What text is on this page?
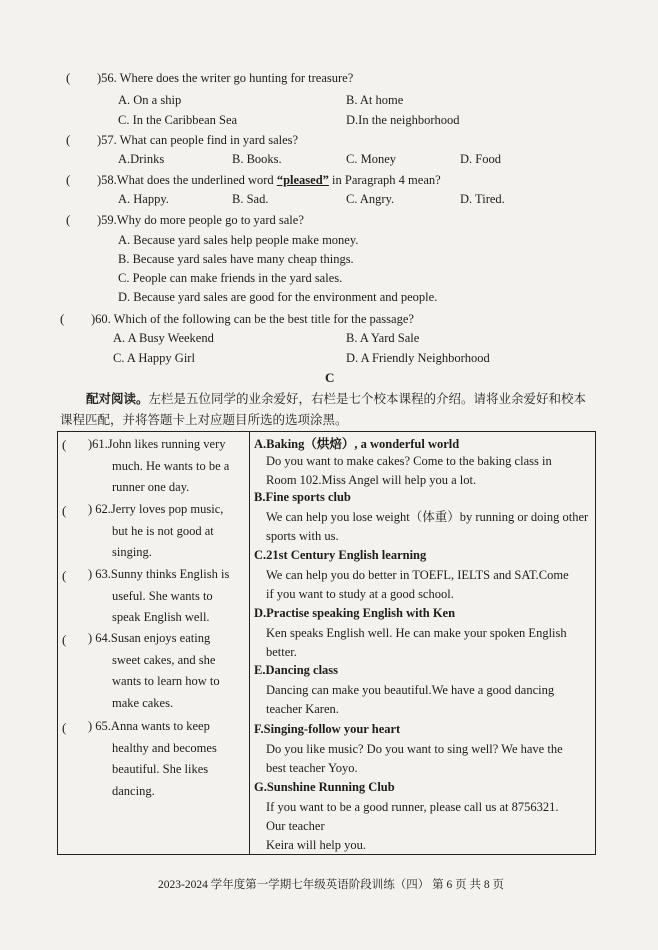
( )56. Where does the writer go hunting for treasure?
A. On a ship	B. At home
C. In the Caribbean Sea	D.In the neighborhood
( )57. What can people find in yard sales?
A.Drinks	B. Books.	C. Money	D. Food
( )58.What does the underlined word “pleased” in Paragraph 4 mean?
A. Happy.	B. Sad.	C. Angry.	D. Tired.
( )59.Why do more people go to yard sale?
A. Because yard sales help people make money.
B. Because yard sales have many cheap things.
C. People can make friends in the yard sales.
D. Because yard sales are good for the environment and people.
( )60. Which of the following can be the best title for the passage?
A. A Busy Weekend	B. A Yard Sale
C. A Happy Girl	D. A Friendly Neighborhood
C
配对阅读。左栏是五位同学的业余爱好，右栏是七个校本课程的介绍。请将业余爱好和校本
课程匹配，并将答题卡上对应题目所选的选项涂黑。
( )61.John likes running very
much. He wants to be a
runner one day.
( ) 62.Jerry loves pop music,
but he is not good at
singing.
( ) 63.Sunny thinks English is
useful. She wants to
speak English well.
( ) 64.Susan enjoys eating
sweet cakes, and she
wants to learn how to
make cakes.
( ) 65.Anna wants to keep
healthy and becomes
beautiful. She likes
dancing.
A.Baking（烘焙）, a wonderful world
Do you want to make cakes? Come to the baking class in
Room 102.Miss Angel will help you a lot.
B.Fine sports club
We can help you lose weight（体重）by running or doing other
sports with us.
C.21st Century English learning
We can help you do better in TOEFL, IELTS and SAT.Come
if you want to study at a good school.
D.Practise speaking English with Ken
Ken speaks English well. He can make your spoken English
better.
E.Dancing class
Dancing can make you beautiful.We have a good dancing
teacher Karen.
F.Singing-follow your heart
Do you like music? Do you want to sing well? We have the
best teacher Yoyo.
G.Sunshine Running Club
If you want to be a good runner, please call us at 8756321.
Our teacher
Keira will help you.
2023-2024 学年度第一学期七年级英语阶段训练（四） 第 6 页 共 8 页
